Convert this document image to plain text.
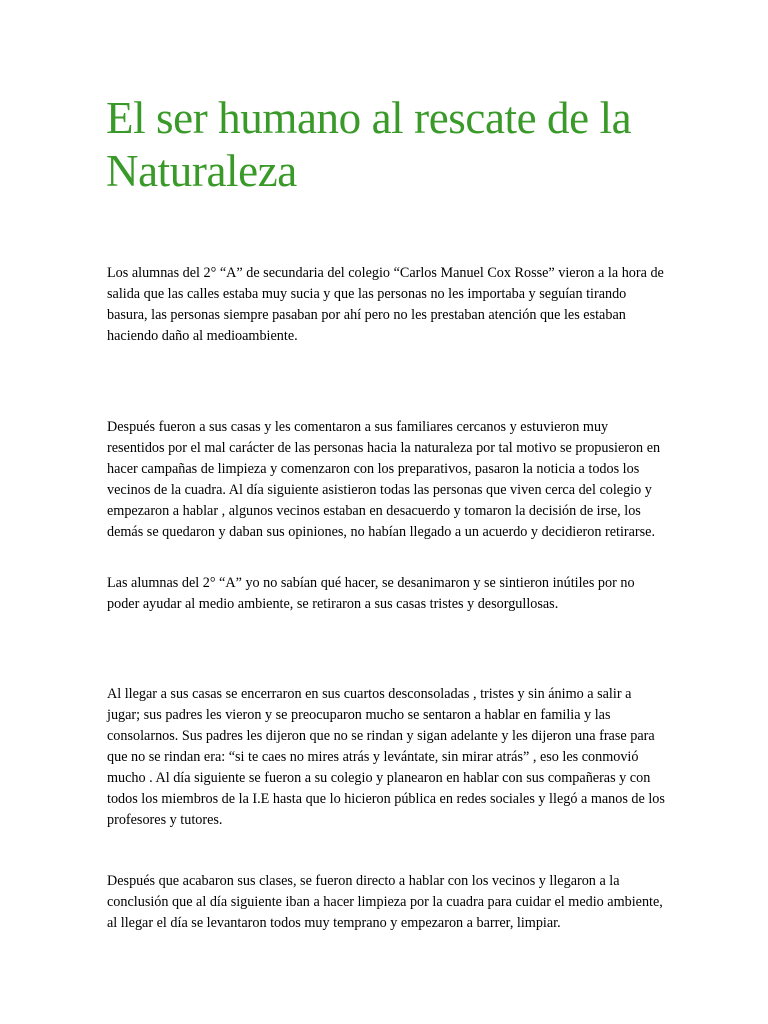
El ser humano al rescate de la Naturaleza

Los alumnas del 2° “A” de secundaria del colegio “Carlos Manuel Cox Rosse” vieron a la hora de salida que las calles estaba muy sucia y que las personas no les importaba y seguían tirando basura, las personas siempre pasaban por ahí pero no les prestaban atención que les estaban haciendo daño al medioambiente.

Después fueron a sus casas y les comentaron a sus familiares cercanos y estuvieron muy resentidos por el mal carácter de las personas hacia la naturaleza por tal motivo se propusieron en hacer campañas de limpieza y comenzaron con los preparativos, pasaron la noticia a todos los vecinos de la cuadra. Al día siguiente asistieron todas las personas que viven cerca del colegio y empezaron a hablar , algunos vecinos estaban en desacuerdo y tomaron la decisión de irse, los demás se quedaron y daban sus opiniones, no habían llegado a un acuerdo y decidieron retirarse.

Las alumnas del 2° “A” yo no sabían qué hacer, se desanimaron y se sintieron inútiles por no poder ayudar al medio ambiente, se retiraron a sus casas tristes y desorgullosas.

Al llegar a sus casas se encerraron en sus cuartos desconsoladas , tristes y sin ánimo a salir a jugar; sus padres les vieron y se preocuparon mucho se sentaron a hablar en familia y las consolarnos. Sus padres les dijeron que no se rindan y sigan adelante y les dijeron una frase para que no se rindan era: “si te caes no mires atrás y levántate, sin mirar atrás” , eso les conmovió mucho . Al día siguiente se fueron a su colegio y planearon en hablar con sus compañeras y con todos los miembros de la I.E hasta que lo hicieron pública en redes sociales y llegó a manos de los profesores y tutores.

Después que acabaron sus clases, se fueron directo a hablar con los vecinos y llegaron a la conclusión que al día siguiente iban a hacer limpieza por la cuadra para cuidar el medio ambiente, al llegar el día se levantaron todos muy temprano y empezaron a barrer, limpiar.
